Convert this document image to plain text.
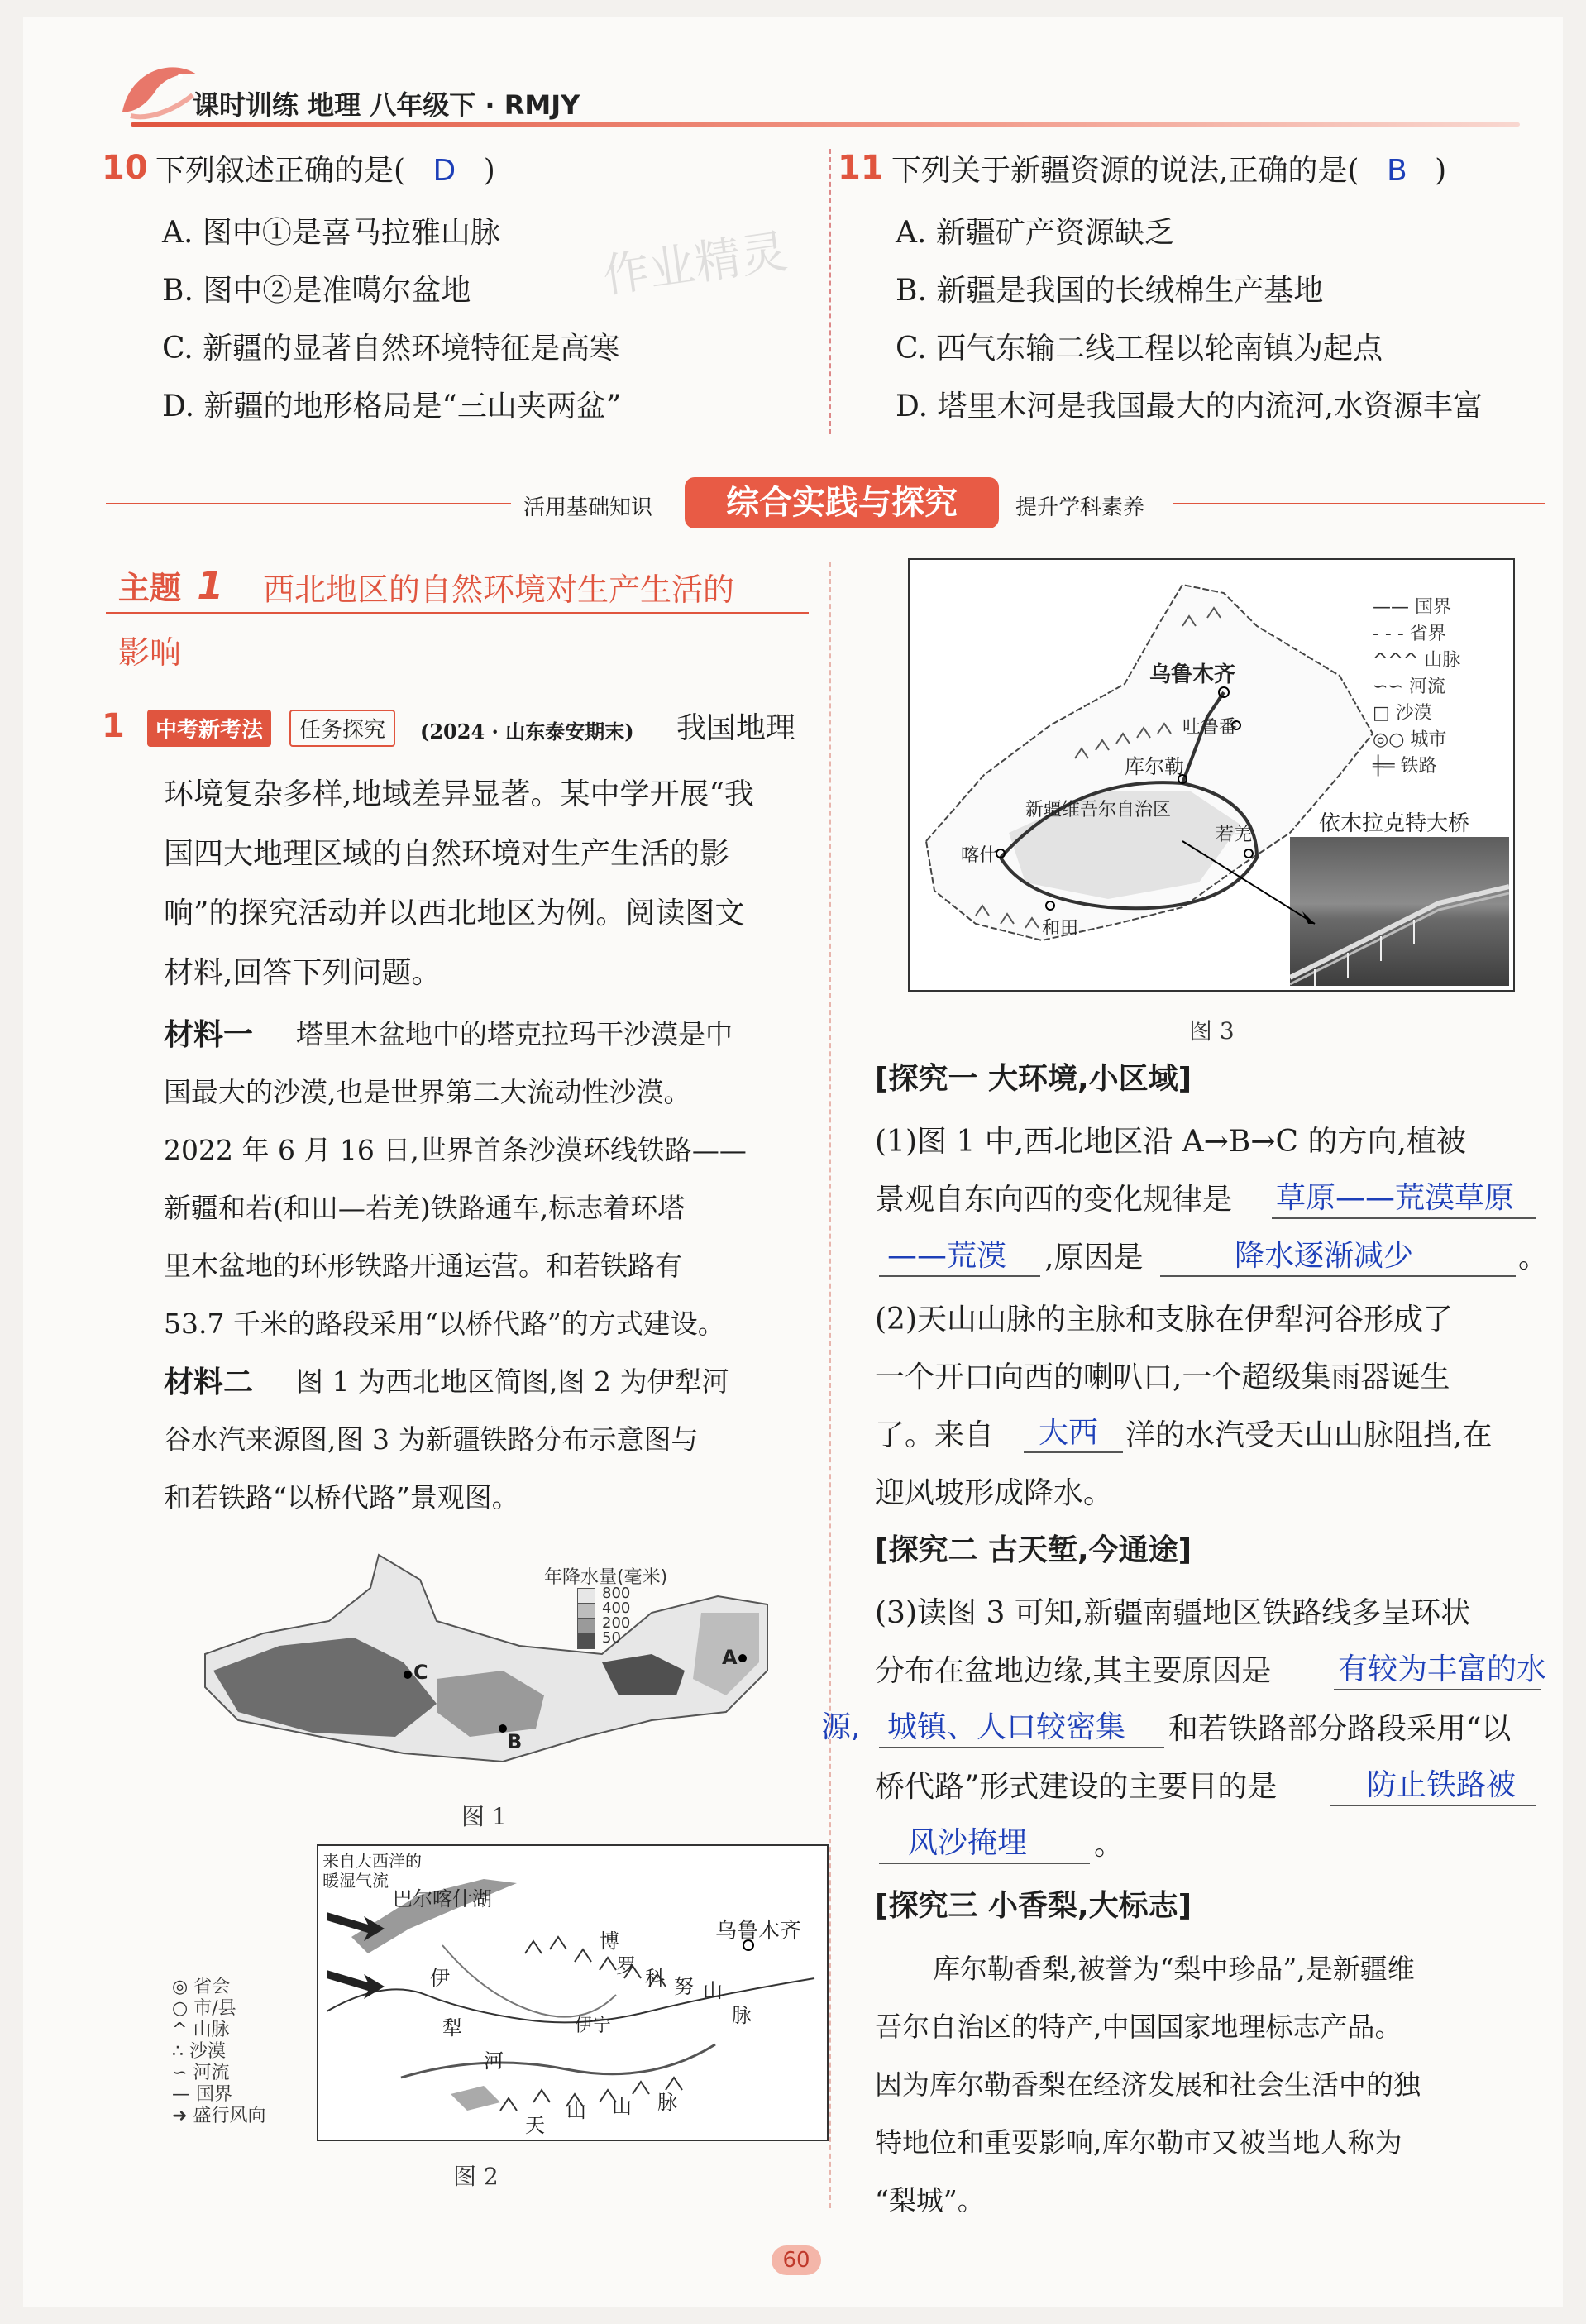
课时训练 地理 八年级下 · RMJY
10 下列叙述正确的是( D )
A. 图中①是喜马拉雅山脉
B. 图中②是准噶尔盆地
C. 新疆的显著自然环境特征是高寒
D. 新疆的地形格局是“三山夹两盆”
作业精灵
11 下列关于新疆资源的说法,正确的是( B )
A. 新疆矿产资源缺乏
B. 新疆是我国的长绒棉生产基地
C. 西气东输二线工程以轮南镇为起点
D. 塔里木河是我国最大的内流河,水资源丰富
活用基础知识	综合实践与探究	提升学科素养
主题 1 西北地区的自然环境对生产生活的
影响
1	中考新考法	任务探究	(2024 · 山东泰安期末) 我国地理
环境复杂多样,地域差异显著。某中学开展“我
国四大地理区域的自然环境对生产生活的影
响”的探究活动并以西北地区为例。阅读图文
材料,回答下列问题。
材料一 塔里木盆地中的塔克拉玛干沙漠是中
国最大的沙漠,也是世界第二大流动性沙漠。
2022 年 6 月 16 日,世界首条沙漠环线铁路——
新疆和若(和田—若羌)铁路通车,标志着环塔
里木盆地的环形铁路开通运营。和若铁路有
53.7 千米的路段采用“以桥代路”的方式建设。
材料二 图 1 为西北地区简图,图 2 为伊犁河
谷水汽来源图,图 3 为新疆铁路分布示意图与
和若铁路“以桥代路”景观图。
C
B
A
年降水量(毫米)
800
400
200
50
图 1
◎ 省会
○ 市/县
^ 山脉
∴ 沙漠
∽ 河流
— 国界
➜ 盛行风向
来自大西洋的
暖湿气流
巴尔喀什湖
乌鲁木齐
伊
犁
河
博
罗
科 努 山
脉
伊宁
天
山 山 脉
图 2
乌鲁木齐
吐鲁番
库尔勒
喀什
和田
若羌
新疆维吾尔自治区
—— 国界
- - - 省界
^^^ 山脉
∽∽ 河流
□ 沙漠
◎○ 城市
╪═ 铁路
依木拉克特大桥
图 3
[探究一 大环境,小区域]
(1)图 1 中,西北地区沿 A→B→C 的方向,植被
景观自东向西的变化规律是 草原——荒漠草原
——荒漠 ,原因是	降水逐渐减少	。
(2)天山山脉的主脉和支脉在伊犁河谷形成了
一个开口向西的喇叭口,一个超级集雨器诞生
了。来自 大西 洋的水汽受天山山脉阻挡,在
迎风坡形成降水。
[探究二 古天堑,今通途]
(3)读图 3 可知,新疆南疆地区铁路线多呈环状
分布在盆地边缘,其主要原因是 有较为丰富的水
源, 城镇、人口较密集 和若铁路部分路段采用“以
桥代路”形式建设的主要目的是	防止铁路被
风沙掩埋 。
[探究三 小香梨,大标志]
库尔勒香梨,被誉为“梨中珍品”,是新疆维
吾尔自治区的特产,中国国家地理标志产品。
因为库尔勒香梨在经济发展和社会生活中的独
特地位和重要影响,库尔勒市又被当地人称为
“梨城”。
60
